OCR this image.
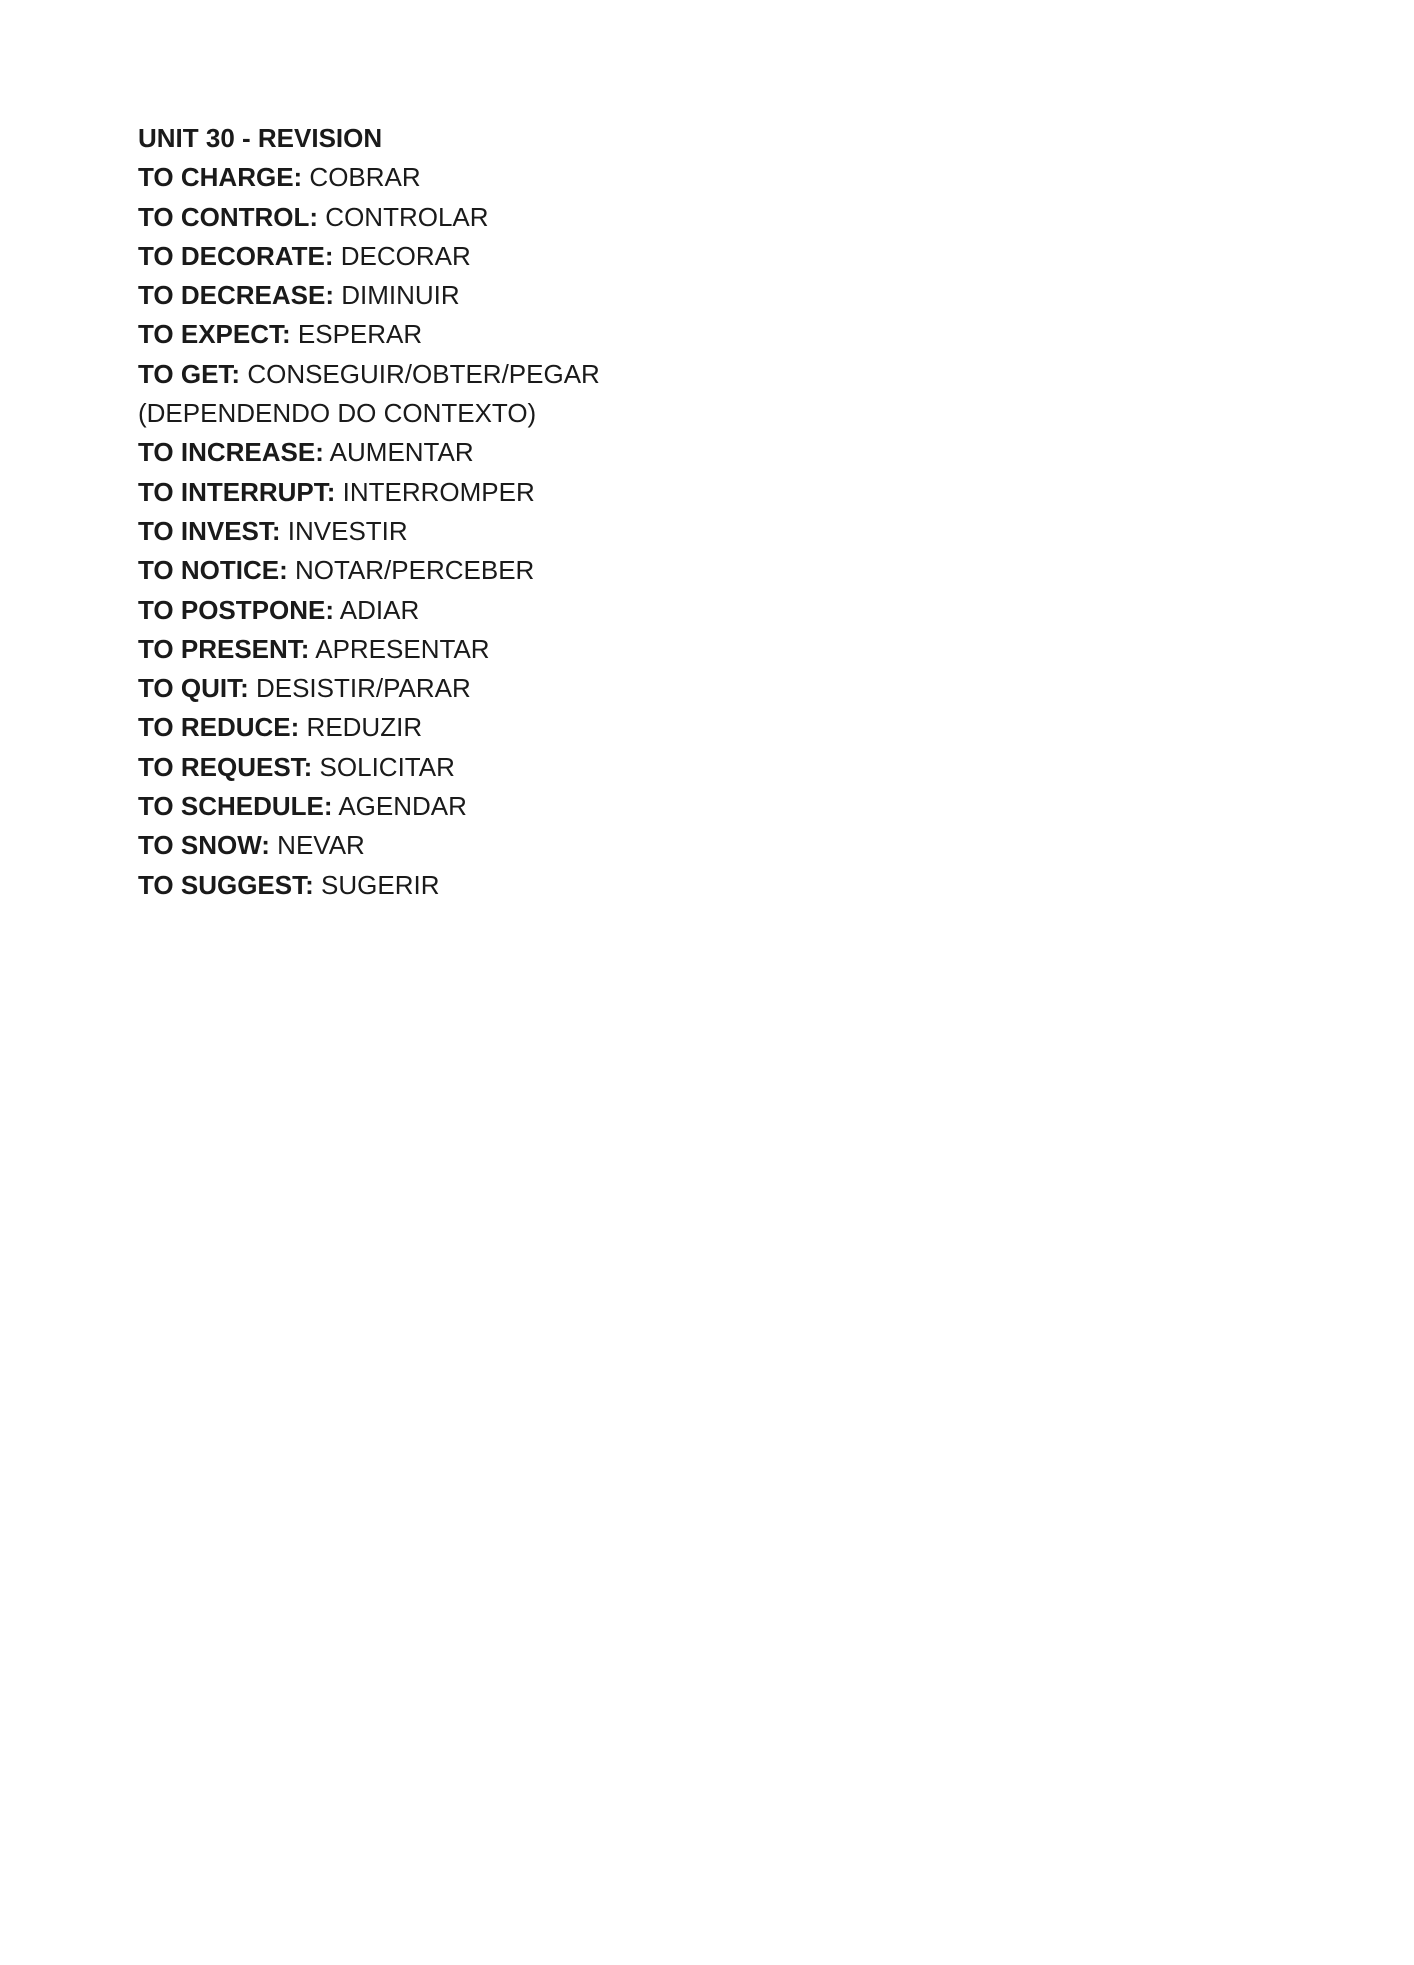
UNIT 30 - REVISION

TO CHARGE: COBRAR

TO CONTROL: CONTROLAR

TO DECORATE: DECORAR

TO DECREASE: DIMINUIR

TO EXPECT: ESPERAR

TO GET: CONSEGUIR/OBTER/PEGAR

(DEPENDENDO DO CONTEXTO)

TO INCREASE: AUMENTAR

TO INTERRUPT: INTERROMPER

TO INVEST: INVESTIR

TO NOTICE: NOTAR/PERCEBER

TO POSTPONE: ADIAR

TO PRESENT: APRESENTAR

TO QUIT: DESISTIR/PARAR

TO REDUCE: REDUZIR

TO REQUEST: SOLICITAR

TO SCHEDULE: AGENDAR

TO SNOW: NEVAR

TO SUGGEST: SUGERIR
